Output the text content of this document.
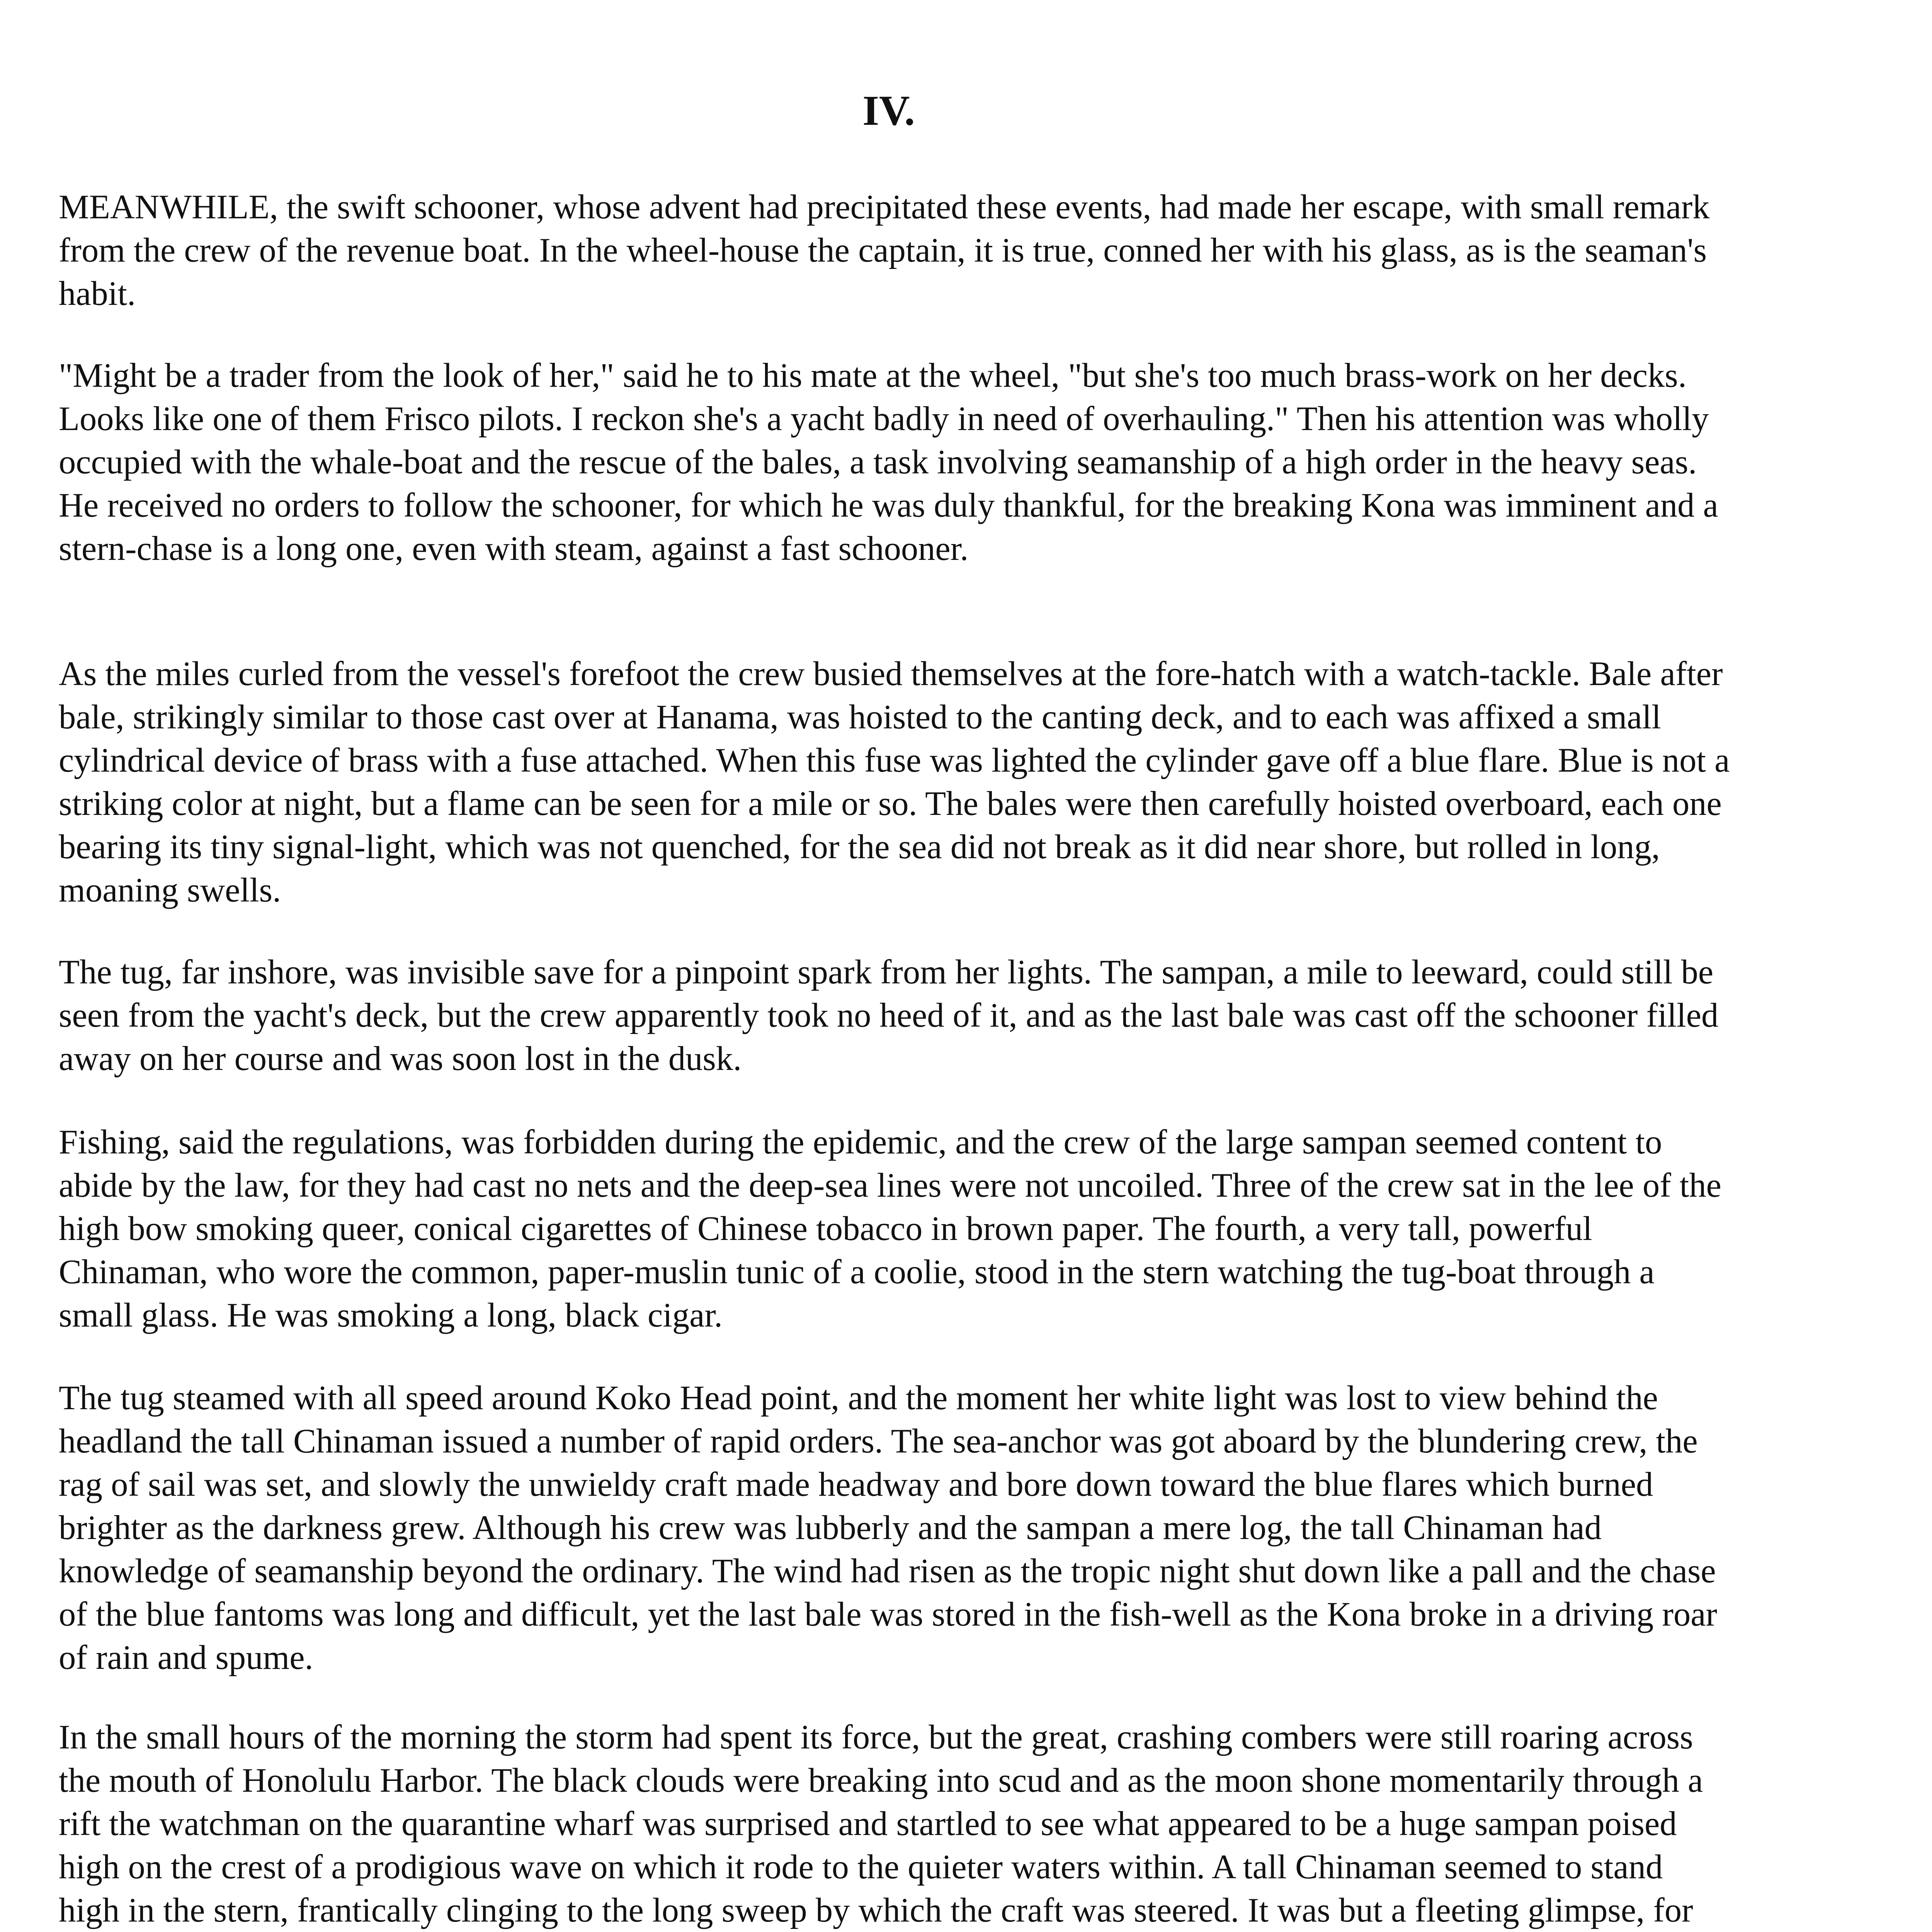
IV.

MEANWHILE, the swift schooner, whose advent had precipitated these events, had made her escape, with small remark from the crew of the revenue boat. In the wheel-house the captain, it is true, conned her with his glass, as is the seaman's habit.

"Might be a trader from the look of her," said he to his mate at the wheel, "but she's too much brass-work on her decks. Looks like one of them Frisco pilots. I reckon she's a yacht badly in need of overhauling." Then his attention was wholly occupied with the whale-boat and the rescue of the bales, a task involving seamanship of a high order in the heavy seas. He received no orders to follow the schooner, for which he was duly thankful, for the breaking Kona was imminent and a stern-chase is a long one, even with steam, against a fast schooner.

As the miles curled from the vessel's forefoot the crew busied themselves at the fore-hatch with a watch-tackle. Bale after bale, strikingly similar to those cast over at Hanama, was hoisted to the canting deck, and to each was affixed a small cylindrical device of brass with a fuse attached. When this fuse was lighted the cylinder gave off a blue flare. Blue is not a striking color at night, but a flame can be seen for a mile or so. The bales were then carefully hoisted overboard, each one bearing its tiny signal-light, which was not quenched, for the sea did not break as it did near shore, but rolled in long, moaning swells.

The tug, far inshore, was invisible save for a pinpoint spark from her lights. The sampan, a mile to leeward, could still be seen from the yacht's deck, but the crew apparently took no heed of it, and as the last bale was cast off the schooner filled away on her course and was soon lost in the dusk.

Fishing, said the regulations, was forbidden during the epidemic, and the crew of the large sampan seemed content to abide by the law, for they had cast no nets and the deep-sea lines were not uncoiled. Three of the crew sat in the lee of the high bow smoking queer, conical cigarettes of Chinese tobacco in brown paper. The fourth, a very tall, powerful Chinaman, who wore the common, paper-muslin tunic of a coolie, stood in the stern watching the tug-boat through a small glass. He was smoking a long, black cigar.

The tug steamed with all speed around Koko Head point, and the moment her white light was lost to view behind the headland the tall Chinaman issued a number of rapid orders. The sea-anchor was got aboard by the blundering crew, the rag of sail was set, and slowly the unwieldy craft made headway and bore down toward the blue flares which burned brighter as the darkness grew. Although his crew was lubberly and the sampan a mere log, the tall Chinaman had knowledge of seamanship beyond the ordinary. The wind had risen as the tropic night shut down like a pall and the chase of the blue fantoms was long and difficult, yet the last bale was stored in the fish-well as the Kona broke in a driving roar of rain and spume.

In the small hours of the morning the storm had spent its force, but the great, crashing combers were still roaring across the mouth of Honolulu Harbor. The black clouds were breaking into scud and as the moon shone momentarily through a rift the watchman on the quarantine wharf was surprised and startled to see what appeared to be a huge sampan poised high on the crest of a prodigious wave on which it rode to the quieter waters within. A tall Chinaman seemed to stand high in the stern, frantically clinging to the long sweep by which the craft was steered. It was but a fleeting glimpse, for
